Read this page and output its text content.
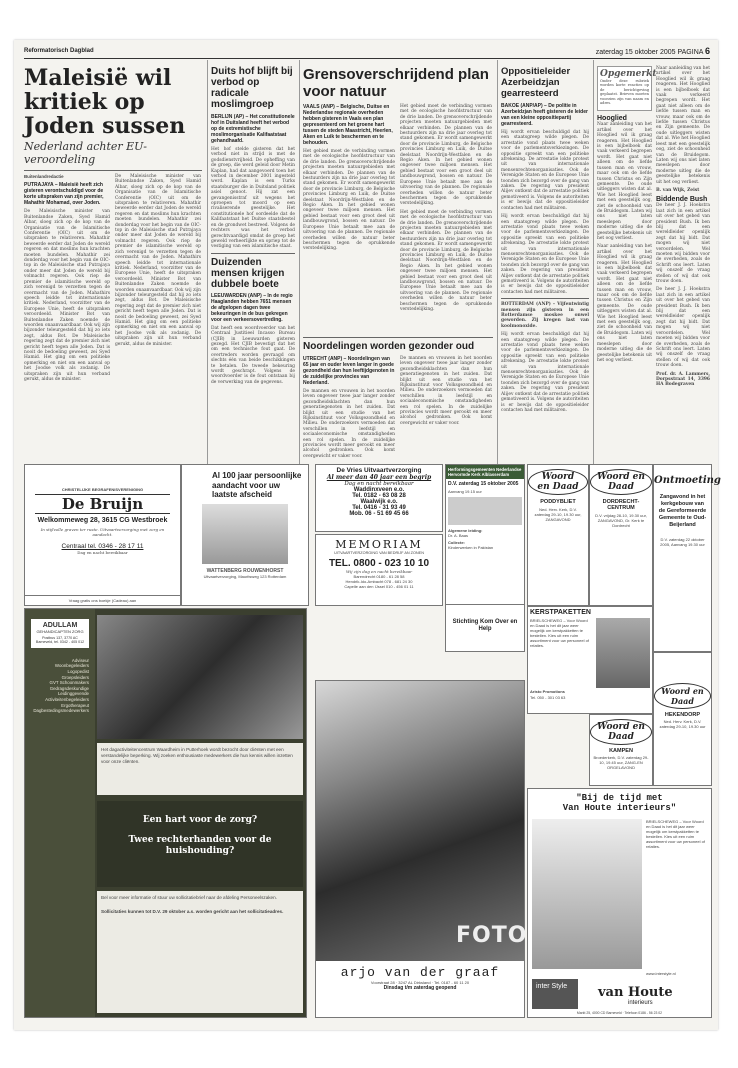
Reformatorisch Dagblad	zaterdag 15 oktober 2005 PAGINA 6

Maleisië wil kritiek op Joden sussen

Nederland achter EU-veroordeling

Buitenlandredactie

PUTRAJAYA – Maleisië heeft zich gisteren verontschuldigd voor de korte uitspraken van zijn premier, Mahathir Mohamad, over Joden.

De Maleisische minister van Buitenlandse Zaken, Syed Hamid Albar, sloeg zich op de kop van de Organisatie van de Islamitische Conferentie (OIC) uit om de uitspraken te relativeren. Mahathir beweerde eerder dat Joden de wereld regeren en dat moslims hun krachten moeten bundelen. Mahathir zei donderdag voor het begin van de OIC-top in de Maleisische stad Putrajaya onder meer dat Joden de wereld bij volmacht regeren. Ook riep de premier de islamitische wereld op zich verenigd te verzetten tegen de overmacht van de Joden. Mahathirs speech leidde tot internationale kritiek. Nederland, voorzitter van de Europese Unie, heeft de uitspraken veroordeeld. Minister Bot van Buitenlandse Zaken noemde de woorden onaanvaardbaar. Ook wij zijn bijzonder teleurgesteld dat hij zo iets zegt, aldus Bot. De Maleisische regering zegt dat de premier zich niet gericht heeft tegen alle Joden. Dat is nooit de bedoeling geweest, zei Syed Hamid. Het ging om een politieke opmerking en niet om een aanval op het Joodse volk als zodanig. De uitspraken zijn uit hun verband gerukt, aldus de minister.

De Maleisische minister van Buitenlandse Zaken, Syed Hamid Albar, sloeg zich op de kop van de Organisatie van de Islamitische Conferentie (OIC) uit om de uitspraken te relativeren. Mahathir beweerde eerder dat Joden de wereld regeren en dat moslims hun krachten moeten bundelen. Mahathir zei donderdag voor het begin van de OIC-top in de Maleisische stad Putrajaya onder meer dat Joden de wereld bij volmacht regeren. Ook riep de premier de islamitische wereld op zich verenigd te verzetten tegen de overmacht van de Joden. Mahathirs speech leidde tot internationale kritiek. Nederland, voorzitter van de Europese Unie, heeft de uitspraken veroordeeld. Minister Bot van Buitenlandse Zaken noemde de woorden onaanvaardbaar. Ook wij zijn bijzonder teleurgesteld dat hij zo iets zegt, aldus Bot. De Maleisische regering zegt dat de premier zich niet gericht heeft tegen alle Joden. Dat is nooit de bedoeling geweest, zei Syed Hamid. Het ging om een politieke opmerking en niet om een aanval op het Joodse volk als zodanig. De uitspraken zijn uit hun verband gerukt, aldus de minister.

Duits hof blijft bij verbod op radicale moslimgroep

BERLIJN (AP) – Het constitutionele hof in Duitsland heeft het verbod op de extremistische moslimorganisatie Kalifaatstaat gehandhaafd.

Het hof stelde gisteren dat het verbod niet in strijd is met de godsdienstvrijheid. De opheffing van de groep, die werd geleid door Metin Kaplan, had dat aangevoerd toen het verbod in december 2001 ingesteld werd. Kaplan is een Turks staatsburger die in Duitsland politiek asiel genoot. Hij zat een gevangenisstraf uit wegens het oproepen tot moord op een rivaliserende geestelijke. Het constitutionele hof oordeelde dat de Kalifaatstaat het Duitse staatsbestel en de grondwet bestreed. Volgens de rechters was het verbod gerechtvaardigd omdat de groep het geweld verheerlijkte en opriep tot de vestiging van een islamitische staat.

Duizenden mensen krijgen dubbele boete

LEEUWARDEN (ANP) – In de regio Haaglanden hebben 7651 mensen de afgelopen dagen twee bekeuringen in de bus gekregen voor een verkeersovertreding.

Dat heeft een woordvoerder van het Centraal Justitieel Incasso Bureau (CJIB) in Leeuwarden gisteren gezegd. Het CJIB bevestigt dat het om een technische fout gaat. De overtreders worden gevraagd om slechts één van beide beschikkingen te betalen. De tweede bekeuring wordt geschrapt. Volgens de woordvoerder is de fout ontstaan bij de verwerking van de gegevens.

Grensoverschrijdend plan voor natuur

VAALS (ANP) – Belgische, Duitse en Nederlandse regionale overheden hebben gisteren in Vaals een plan gepresenteerd om het groene hart tussen de steden Maastricht, Heerlen, Aken en Luik te beschermen en te behouden.

Het gebied moet de verbinding vormen met de ecologische hoofdstructuur van de drie landen. De grensoverschrijdende projecten moeten natuurgebieden met elkaar verbinden. De plannen van de bestuurders zijn na drie jaar overleg tot stand gekomen. Er wordt samengewerkt door de provincie Limburg, de Belgische provincies Limburg en Luik, de Duitse deelstaat Noordrijn-Westfalen en de Regio Aken. In het gebied wonen ongeveer twee miljoen mensen. Het gebied bestaat voor een groot deel uit landbouwgrond, bossen en natuur. De Europese Unie betaalt mee aan de uitvoering van de plannen. De regionale overheden willen de natuur beter beschermen tegen de oprukkende verstedelijking.

Het gebied moet de verbinding vormen met de ecologische hoofdstructuur van de drie landen. De grensoverschrijdende projecten moeten natuurgebieden met elkaar verbinden. De plannen van de bestuurders zijn na drie jaar overleg tot stand gekomen. Er wordt samengewerkt door de provincie Limburg, de Belgische provincies Limburg en Luik, de Duitse deelstaat Noordrijn-Westfalen en de Regio Aken. In het gebied wonen ongeveer twee miljoen mensen. Het gebied bestaat voor een groot deel uit landbouwgrond, bossen en natuur. De Europese Unie betaalt mee aan de uitvoering van de plannen. De regionale overheden willen de natuur beter beschermen tegen de oprukkende verstedelijking.

Het gebied moet de verbinding vormen met de ecologische hoofdstructuur van de drie landen. De grensoverschrijdende projecten moeten natuurgebieden met elkaar verbinden. De plannen van de bestuurders zijn na drie jaar overleg tot stand gekomen. Er wordt samengewerkt door de provincie Limburg, de Belgische provincies Limburg en Luik, de Duitse deelstaat Noordrijn-Westfalen en de Regio Aken. In het gebied wonen ongeveer twee miljoen mensen. Het gebied bestaat voor een groot deel uit landbouwgrond, bossen en natuur. De Europese Unie betaalt mee aan de uitvoering van de plannen. De regionale overheden willen de natuur beter beschermen tegen de oprukkende verstedelijking.

Noordelingen worden gezonder oud

UTRECHT (ANP) – Noordelingen van 65 jaar en ouder leven langer in goede gezondheid dan hun leeftijdgenoten in de zuidelijke provincies van Nederland.

De mannen en vrouwen in het noorden leven ongeveer twee jaar langer zonder gezondheidsklachten dan hun generatiegenoten in het zuiden. Dat blijkt uit een studie van het Rijksinstituut voor Volksgezondheid en Milieu. De onderzoekers vermoeden dat verschillen in leefstijl en sociaaleconomische omstandigheden een rol spelen. In de zuidelijke provincies wordt meer gerookt en meer alcohol gedronken. Ook komt overgewicht er vaker voor.

De mannen en vrouwen in het noorden leven ongeveer twee jaar langer zonder gezondheidsklachten dan hun generatiegenoten in het zuiden. Dat blijkt uit een studie van het Rijksinstituut voor Volksgezondheid en Milieu. De onderzoekers vermoeden dat verschillen in leefstijl en sociaaleconomische omstandigheden een rol spelen. In de zuidelijke provincies wordt meer gerookt en meer alcohol gedronken. Ook komt overgewicht er vaker voor.

Oppositieleider Azerbeidzjan gearresteerd

BAKOE (ANP/AP) – De politie in Azerbeidzjan heeft gisteren de leider van een kleine oppositiepartij gearresteerd.

Hij wordt ervan beschuldigd dat hij een staatsgreep wilde plegen. De arrestatie vond plaats twee weken voor de parlementsverkiezingen. De oppositie spreekt van een politieke afrekening. De arrestatie lokte protest uit van internationale mensenrechtenorganisaties. Ook de Verenigde Staten en de Europese Unie toonden zich bezorgd over de gang van zaken. De regering van president Alijev ontkent dat de arrestatie politiek gemotiveerd is. Volgens de autoriteiten is er bewijs dat de oppositieleider contacten had met militairen.

Hij wordt ervan beschuldigd dat hij een staatsgreep wilde plegen. De arrestatie vond plaats twee weken voor de parlementsverkiezingen. De oppositie spreekt van een politieke afrekening. De arrestatie lokte protest uit van internationale mensenrechtenorganisaties. Ook de Verenigde Staten en de Europese Unie toonden zich bezorgd over de gang van zaken. De regering van president Alijev ontkent dat de arrestatie politiek gemotiveerd is. Volgens de autoriteiten is er bewijs dat de oppositieleider contacten had met militairen.

ROTTERDAM (ANP) – Vijfentwintig mensen zijn gisteren in een Rotterdamse moskee onwel geworden. Zij kregen last van koolmonoxide.

Hij wordt ervan beschuldigd dat hij een staatsgreep wilde plegen. De arrestatie vond plaats twee weken voor de parlementsverkiezingen. De oppositie spreekt van een politieke afrekening. De arrestatie lokte protest uit van internationale mensenrechtenorganisaties. Ook de Verenigde Staten en de Europese Unie toonden zich bezorgd over de gang van zaken. De regering van president Alijev ontkent dat de arrestatie politiek gemotiveerd is. Volgens de autoriteiten is er bewijs dat de oppositieleider contacten had met militairen.

Opgemerkt

Onder deze rubriek worden korte reacties op de berichtgeving geplaatst. Brieven moeten voorzien zijn van naam en adres.

Hooglied

Naar aanleiding van het artikel over het Hooglied wil ik graag reageren. Het Hooglied is een bijbelboek dat vaak verkeerd begrepen wordt. Het gaat niet alleen om de liefde tussen man en vrouw, maar ook om de liefde tussen Christus en Zijn gemeente. De oude uitleggers wisten dat al. Wie het Hooglied leest met een geestelijk oog, ziet de schoonheid van de Bruidegom. Laten wij ons niet laten meeslepen door moderne uitleg die de geestelijke betekenis uit het oog verliest.

Naar aanleiding van het artikel over het Hooglied wil ik graag reageren. Het Hooglied is een bijbelboek dat vaak verkeerd begrepen wordt. Het gaat niet alleen om de liefde tussen man en vrouw, maar ook om de liefde tussen Christus en Zijn gemeente. De oude uitleggers wisten dat al. Wie het Hooglied leest met een geestelijk oog, ziet de schoonheid van de Bruidegom. Laten wij ons niet laten meeslepen door moderne uitleg die de geestelijke betekenis uit het oog verliest.

Naar aanleiding van het artikel over het Hooglied wil ik graag reageren. Het Hooglied is een bijbelboek dat vaak verkeerd begrepen wordt. Het gaat niet alleen om de liefde tussen man en vrouw, maar ook om de liefde tussen Christus en Zijn gemeente. De oude uitleggers wisten dat al. Wie het Hooglied leest met een geestelijk oog, ziet de schoonheid van de Bruidegom. Laten wij ons niet laten meeslepen door moderne uitleg die de geestelijke betekenis uit het oog verliest.

B. van Wijk, Zeist

Biddende Bush

De heer J. J. Hoekstra laat zich in een artikel uit over het gebed van president Bush. Ik ben blij dat een wereldleider openlijk zegt dat hij bidt. Dat mogen wij niet veroordelen. Wel moeten wij bidden voor de overheden, zoals de Schrift ons leert. Laten wij onszelf de vraag stellen of wij dat ook trouw doen.

De heer J. J. Hoekstra laat zich in een artikel uit over het gebed van president Bush. Ik ben blij dat een wereldleider openlijk zegt dat hij bidt. Dat mogen wij niet veroordelen. Wel moeten wij bidden voor de overheden, zoals de Schrift ons leert. Laten wij onszelf de vraag stellen of wij dat ook trouw doen.

Prof. dr. A. Lammers, Dorpsstraat 14, 3396 HA Bodegraven

CHRISTELIJKE BEGRAFENISVERENIGING
De Bruijn
Welkommeweg 28, 3615 CG Westbroek
In stijlvolle graven ter ruste. Uitvaartverzorging met zorg en aandacht.
Centraal tel. 0346 - 28 17 11
Dag en nacht bereikbaar
Vraag gratis ons boekje (Cadeau) aan
Al 100 jaar persoonlijke aandacht voor uw laatste afscheid
WATTENBERG ROUWENHORST
Uitvaartverzorging, Mauritsweg 123 Rotterdam
De Vries Uitvaartverzorging
Al meer dan 40 jaar een begrip
Dag en nacht bereikbaar
Waddinxveen e.o.
Tel. 0182 - 63 08 28
Waalwijk e.o.
Tel. 0416 - 31 93 49
Mob. 06 - 51 69 45 66
Herformingsgemeenten Nederlandse Hervormde Kerk Alblasserdam
D.V. zaterdag 15 oktober 2005
Aanvang 19.15 uur
Algemene leiding:
Dr. A. Baas
Collecte:
Kinderwerken in Pakistan
MEMORIAM
UITVAARTVERZORGING VAN BEDRIJF AN ZONEN
TEL. 0800 - 023 10 10
Wij zijn dag en nacht bereikbaar
Barendrecht 0180 - 61 28 58
Hendrik-Ido-Ambacht 078 - 681 24 30
Capelle aan den IJssel 010 - 456 01 11
Stichting Kom Over en Help
Woord en Daad
PODDYBLIET
Ned. Herv. Kerk, D.V. zaterdag 29-10, 19.30 uur, ZANGAVOND
Woord en Daad
DORDRECHT-CENTRUM
D.V. vrijdag 28-10, 19.30 uur, ZANGAVOND, Gr. Kerk te Dordrecht
Ontmoeting
Zangavond in het kerkgebouw van de Gereformeerde Gemeente te Oud-Beijerland
D.V. zaterdag 22 oktober 2005, Aanvang 19.30 uur
KERSTPAKETTEN
BRIELSCHEWEG – Voor Woord en Daad is het dit jaar weer mogelijk om kerstpakketten te bestellen. Kies uit een ruim assortiment voor uw personeel of relaties.
Aristo Promotions
Tel. 050 - 301 03 63
Woord en Daad
KAMPEN
Broederkerk, D.V. zaterdag 29-10, 19.45 uur, ZANG-EN ORGELAVOND
Woord en Daad
HEKENDORP
Ned. Herv. Kerk, D.V. zaterdag 29-10, 19.30 uur
ADULLAM
GEHANDICAPTEN ZORG
Postbus 137, 3770 AC Barneveld, tel. 0342 - 405 012
Adviseur
Woonbegeleiders
Logopedist
Groepsleiders
GVT Schoonmakers
Gedragsdeskundige
Leidinggevende
Activiteitenbegeleiders
Ergotherapeut
Dagbestedingsmedewerkers
Het dagactiviteitencentrum Waardheim in Putterhoek wordt bezocht door cliënten met een verstandelijke beperking. Wij zoeken enthousiaste medewerkers die hun kennis willen inzetten voor onze cliënten.
Een hart voor de zorg?
Twee rechterhanden voor de huishouding?
Bel voor meer informatie of stuur uw sollicitatiebrief naar de afdeling Personeelszaken.
Sollicitaties kunnen tot D.V. 29 oktober a.s. worden gericht aan het sollicitatieadres.
FOTO
arjo van der graaf
Voorstraat 28 · 3247 AL Dirksland · Tel. 0187 - 60 11 20
Dinsdag t/m zaterdag geopend
"Bij de tijd met
Van Houte interieurs"
BRIELSCHEWEG – Voor Woord en Daad is het dit jaar weer mogelijk om kerstpakketten te bestellen. Kies uit een ruim assortiment voor uw personeel of relaties.
www.interstyle.nl
inter Style	van Houte
interieurs
Markt 25, 4000 CD Barneveld · Telefoon 0186 - 56 23 02
